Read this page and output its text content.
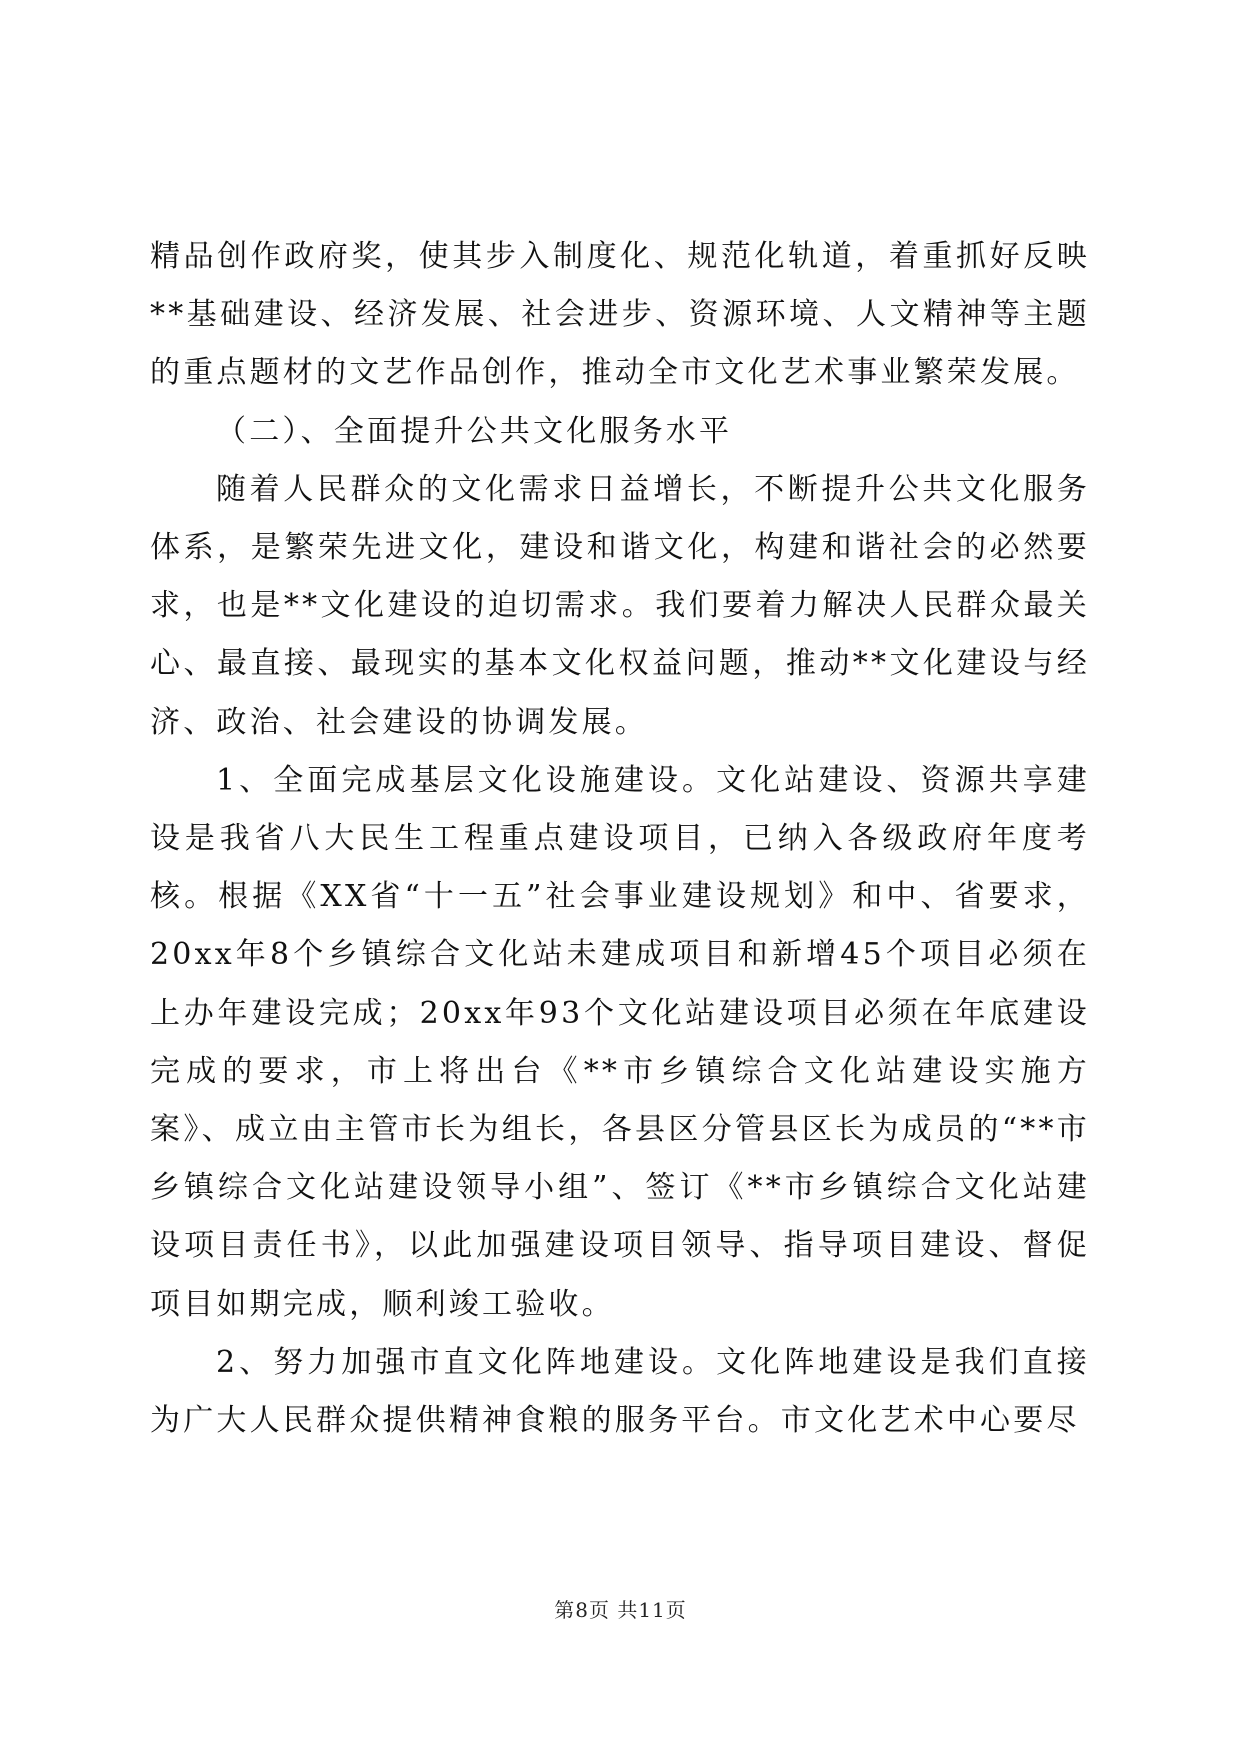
精品创作政府奖，使其步入制度化、规范化轨道，着重抓好反映**基础建设、经济发展、社会进步、资源环境、人文精神等主题的重点题材的文艺作品创作，推动全市文化艺术事业繁荣发展。

（二）、全面提升公共文化服务水平

随着人民群众的文化需求日益增长，不断提升公共文化服务体系，是繁荣先进文化，建设和谐文化，构建和谐社会的必然要求，也是**文化建设的迫切需求。我们要着力解决人民群众最关心、最直接、最现实的基本文化权益问题，推动**文化建设与经济、政治、社会建设的协调发展。

1、全面完成基层文化设施建设。文化站建设、资源共享建设是我省八大民生工程重点建设项目，已纳入各级政府年度考核。根据《XX省“十一五”社会事业建设规划》和中、省要求，20xx年8个乡镇综合文化站未建成项目和新增45个项目必须在上办年建设完成；20xx年93个文化站建设项目必须在年底建设完成的要求，市上将出台《**市乡镇综合文化站建设实施方案》、成立由主管市长为组长，各县区分管县区长为成员的“**市乡镇综合文化站建设领导小组”、签订《**市乡镇综合文化站建设项目责任书》，以此加强建设项目领导、指导项目建设、督促项目如期完成，顺利竣工验收。

2、努力加强市直文化阵地建设。文化阵地建设是我们直接为广大人民群众提供精神食粮的服务平台。市文化艺术中心要尽

第8页 共11页
